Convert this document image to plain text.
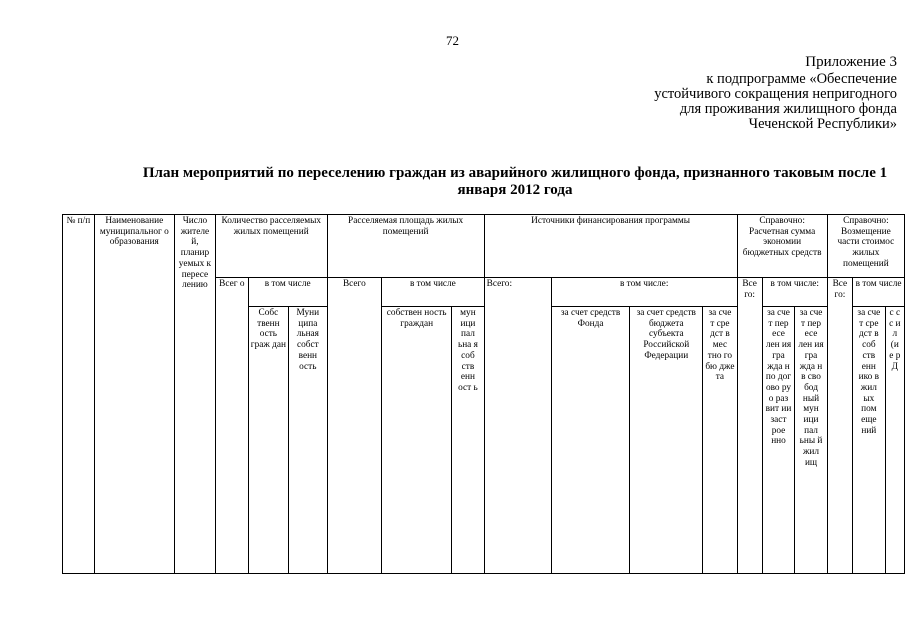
72
Приложение 3
к подпрограмме «Обеспечение
устойчивого сокращения непригодного
для проживания жилищного фонда
Чеченской Республики»
План мероприятий по переселению граждан из аварийного жилищного фонда, признанного таковым после 1
января 2012 года
№ п/п	Наименование муниципальног о образования	Число жителе й, планир уемых к пересе лению	Количество расселяемых жилых помещений			Расселяемая площадь жилых помещений			Источники финансирования программы				Справочно: Расчетная сумма экономии бюджетных средств			Справочно: Возмещение части стоимос жилых помещений		
			Всег о	в том числе		Всего	в том числе		Всего:	в том числе:			Все го:	в том числе:		Все го:	в том числе	
				Собс твенн ость граж дан	Муни ципа льная собст венн ость		собствен ность граждан	мун ици пал ьна я соб ств енн ост ь		за счет средств Фонда	за счет средств бюджета субъекта Российской Федерации	за сче т сре дст в мес тно го бю дже та		за сче т пер есе лен ия гра жда н по дог ово ру о раз вит ии заст рое нно	за сче т пер есе лен ия гра жда н в сво бод ный мун ици пал ьны й жил ищ		за сче т сре дст в соб ств енн ико в жил ых пом еще ний	с с с и л (и е р Д
